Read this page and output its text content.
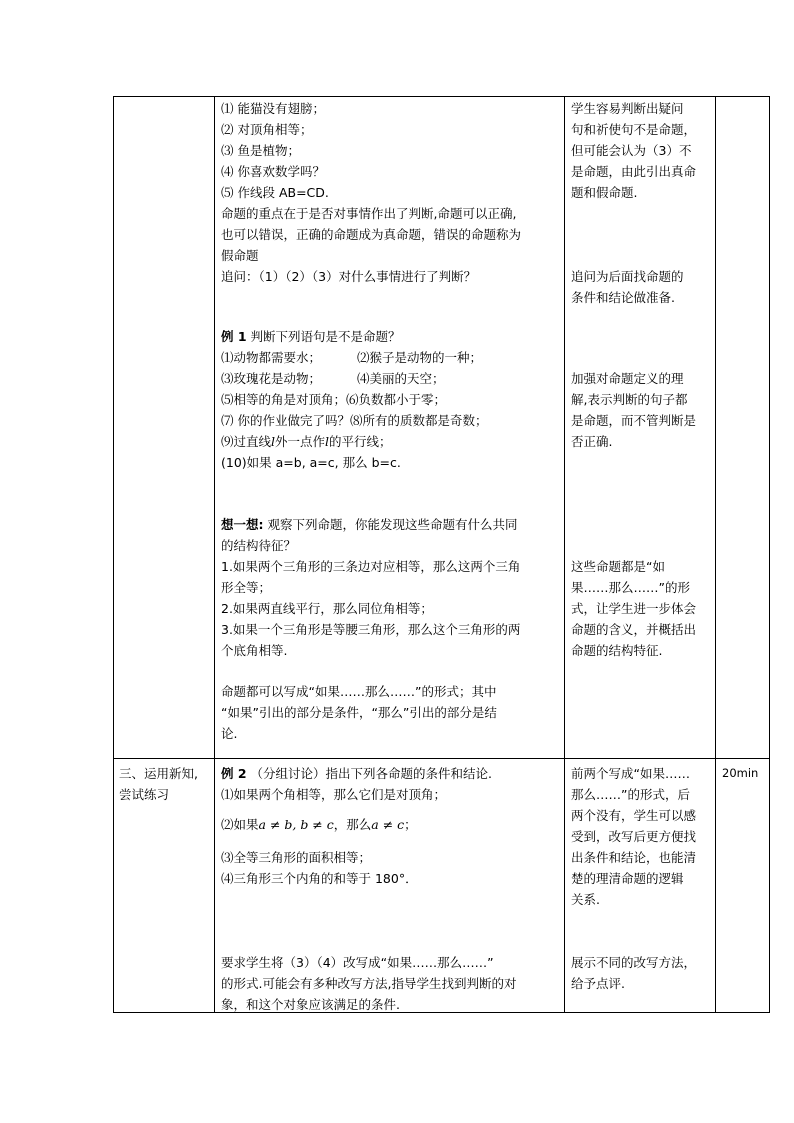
⑴ 能猫没有翅膀；
⑵ 对顶角相等；
⑶ 鱼是植物；
⑷ 你喜欢数学吗？
⑸ 作线段 AB=CD.
命题的重点在于是否对事情作出了判断,命题可以正确,
也可以错误，正确的命题成为真命题，错误的命题称为
假命题
追问：（1）（2）（3）对什么事情进行了判断？
例 1 判断下列语句是不是命题？
⑴动物都需要水；	⑵猴子是动物的一种；
⑶玫瑰花是动物；	⑷美丽的天空；
⑸相等的角是对顶角；⑹负数都小于零；
⑺ 你的作业做完了吗？⑻所有的质数都是奇数；
⑼过直线l外一点作l的平行线；
(10)如果 a=b, a=c, 那么 b=c.
想一想: 观察下列命题，你能发现这些命题有什么共同
的结构待征？
1.如果两个三角形的三条边对应相等，那么这两个三角
形全等；
2.如果两直线平行，那么同位角相等；
3.如果一个三角形是等腰三角形，那么这个三角形的两
个底角相等.
命题都可以写成“如果……那么……”的形式；其中
“如果”引出的部分是条件，“那么”引出的部分是结
论.
学生容易判断出疑问
句和祈使句不是命题，
但可能会认为（3）不
是命题，由此引出真命
题和假命题.
追问为后面找命题的
条件和结论做准备.
加强对命题定义的理
解,表示判断的句子都
是命题，而不管判断是
否正确.
这些命题都是“如
果……那么……”的形
式，让学生进一步体会
命题的含义，并概括出
命题的结构特征.
三、运用新知,
尝试练习
例 2 （分组讨论）指出下列各命题的条件和结论.
⑴如果两个角相等，那么它们是对顶角；
⑵如果a ≠ b, b ≠ c，那么a ≠ c；
⑶全等三角形的面积相等；
⑷三角形三个内角的和等于 180°．
要求学生将（3）（4）改写成“如果……那么……”
的形式.可能会有多种改写方法,指导学生找到判断的对
象，和这个对象应该满足的条件.
前两个写成“如果……
那么……”的形式，后
两个没有，学生可以感
受到，改写后更方便找
出条件和结论，也能清
楚的理清命题的逻辑
关系.
展示不同的改写方法，
给予点评.
20min
